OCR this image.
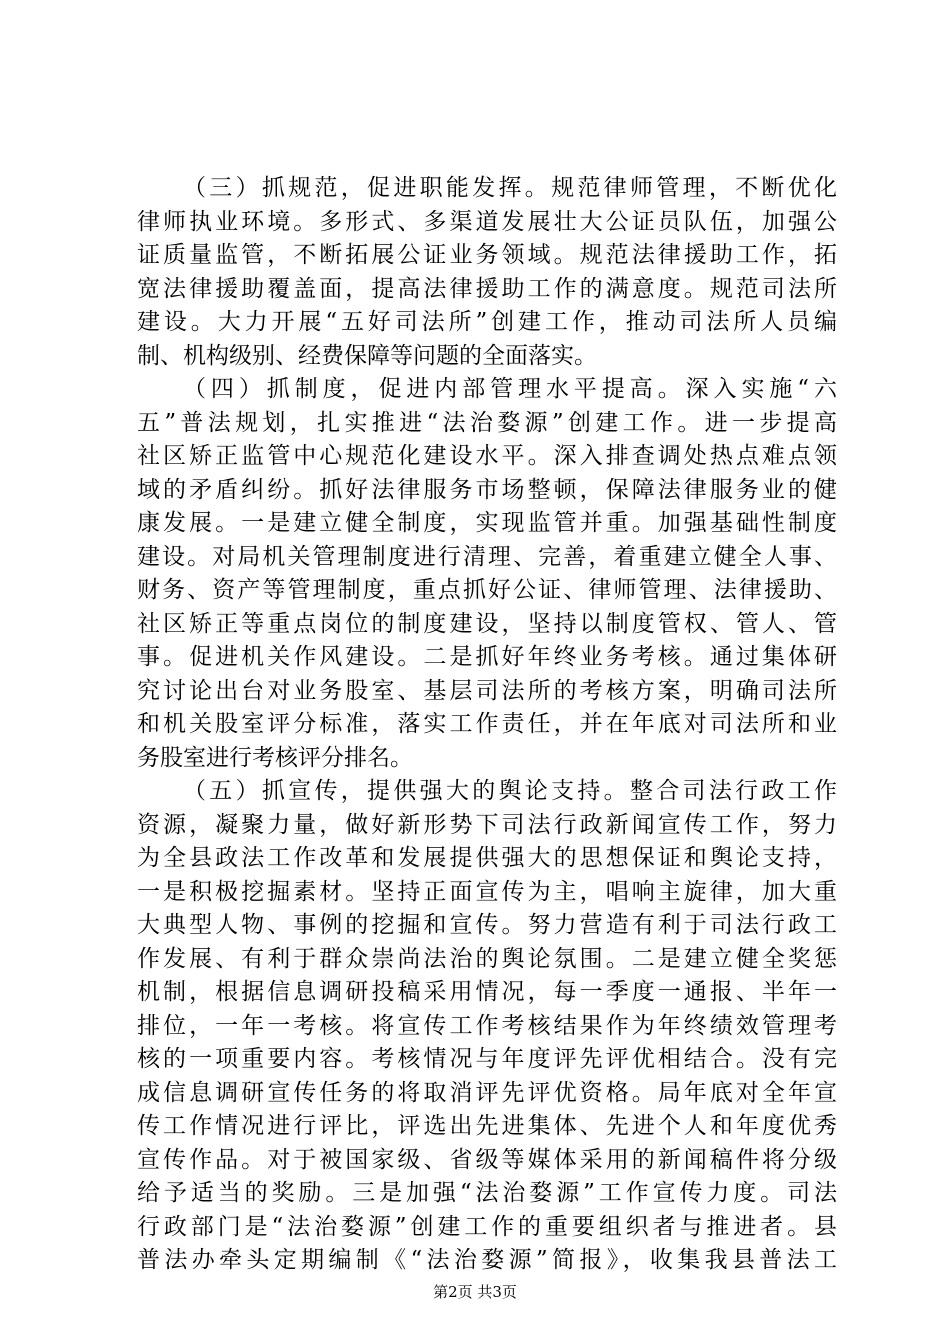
（三）抓规范，促进职能发挥。规范律师管理，不断优化
律师执业环境。多形式、多渠道发展壮大公证员队伍，加强公
证质量监管，不断拓展公证业务领域。规范法律援助工作，拓
宽法律援助覆盖面，提高法律援助工作的满意度。规范司法所
建设。大力开展“五好司法所”创建工作，推动司法所人员编
制、机构级别、经费保障等问题的全面落实。
（四）抓制度，促进内部管理水平提高。深入实施“六
五”普法规划，扎实推进“法治婺源”创建工作。进一步提高
社区矫正监管中心规范化建设水平。深入排查调处热点难点领
域的矛盾纠纷。抓好法律服务市场整顿，保障法律服务业的健
康发展。一是建立健全制度，实现监管并重。加强基础性制度
建设。对局机关管理制度进行清理、完善，着重建立健全人事、
财务、资产等管理制度，重点抓好公证、律师管理、法律援助、
社区矫正等重点岗位的制度建设，坚持以制度管权、管人、管
事。促进机关作风建设。二是抓好年终业务考核。通过集体研
究讨论出台对业务股室、基层司法所的考核方案，明确司法所
和机关股室评分标准，落实工作责任，并在年底对司法所和业
务股室进行考核评分排名。
（五）抓宣传，提供强大的舆论支持。整合司法行政工作
资源，凝聚力量，做好新形势下司法行政新闻宣传工作，努力
为全县政法工作改革和发展提供强大的思想保证和舆论支持，
一是积极挖掘素材。坚持正面宣传为主，唱响主旋律，加大重
大典型人物、事例的挖掘和宣传。努力营造有利于司法行政工
作发展、有利于群众崇尚法治的舆论氛围。二是建立健全奖惩
机制，根据信息调研投稿采用情况，每一季度一通报、半年一
排位，一年一考核。将宣传工作考核结果作为年终绩效管理考
核的一项重要内容。考核情况与年度评先评优相结合。没有完
成信息调研宣传任务的将取消评先评优资格。局年底对全年宣
传工作情况进行评比，评选出先进集体、先进个人和年度优秀
宣传作品。对于被国家级、省级等媒体采用的新闻稿件将分级
给予适当的奖励。三是加强“法治婺源”工作宣传力度。司法
行政部门是“法治婺源”创建工作的重要组织者与推进者。县
普法办牵头定期编制《“法治婺源”简报》，收集我县普法工
第2页 共3页
